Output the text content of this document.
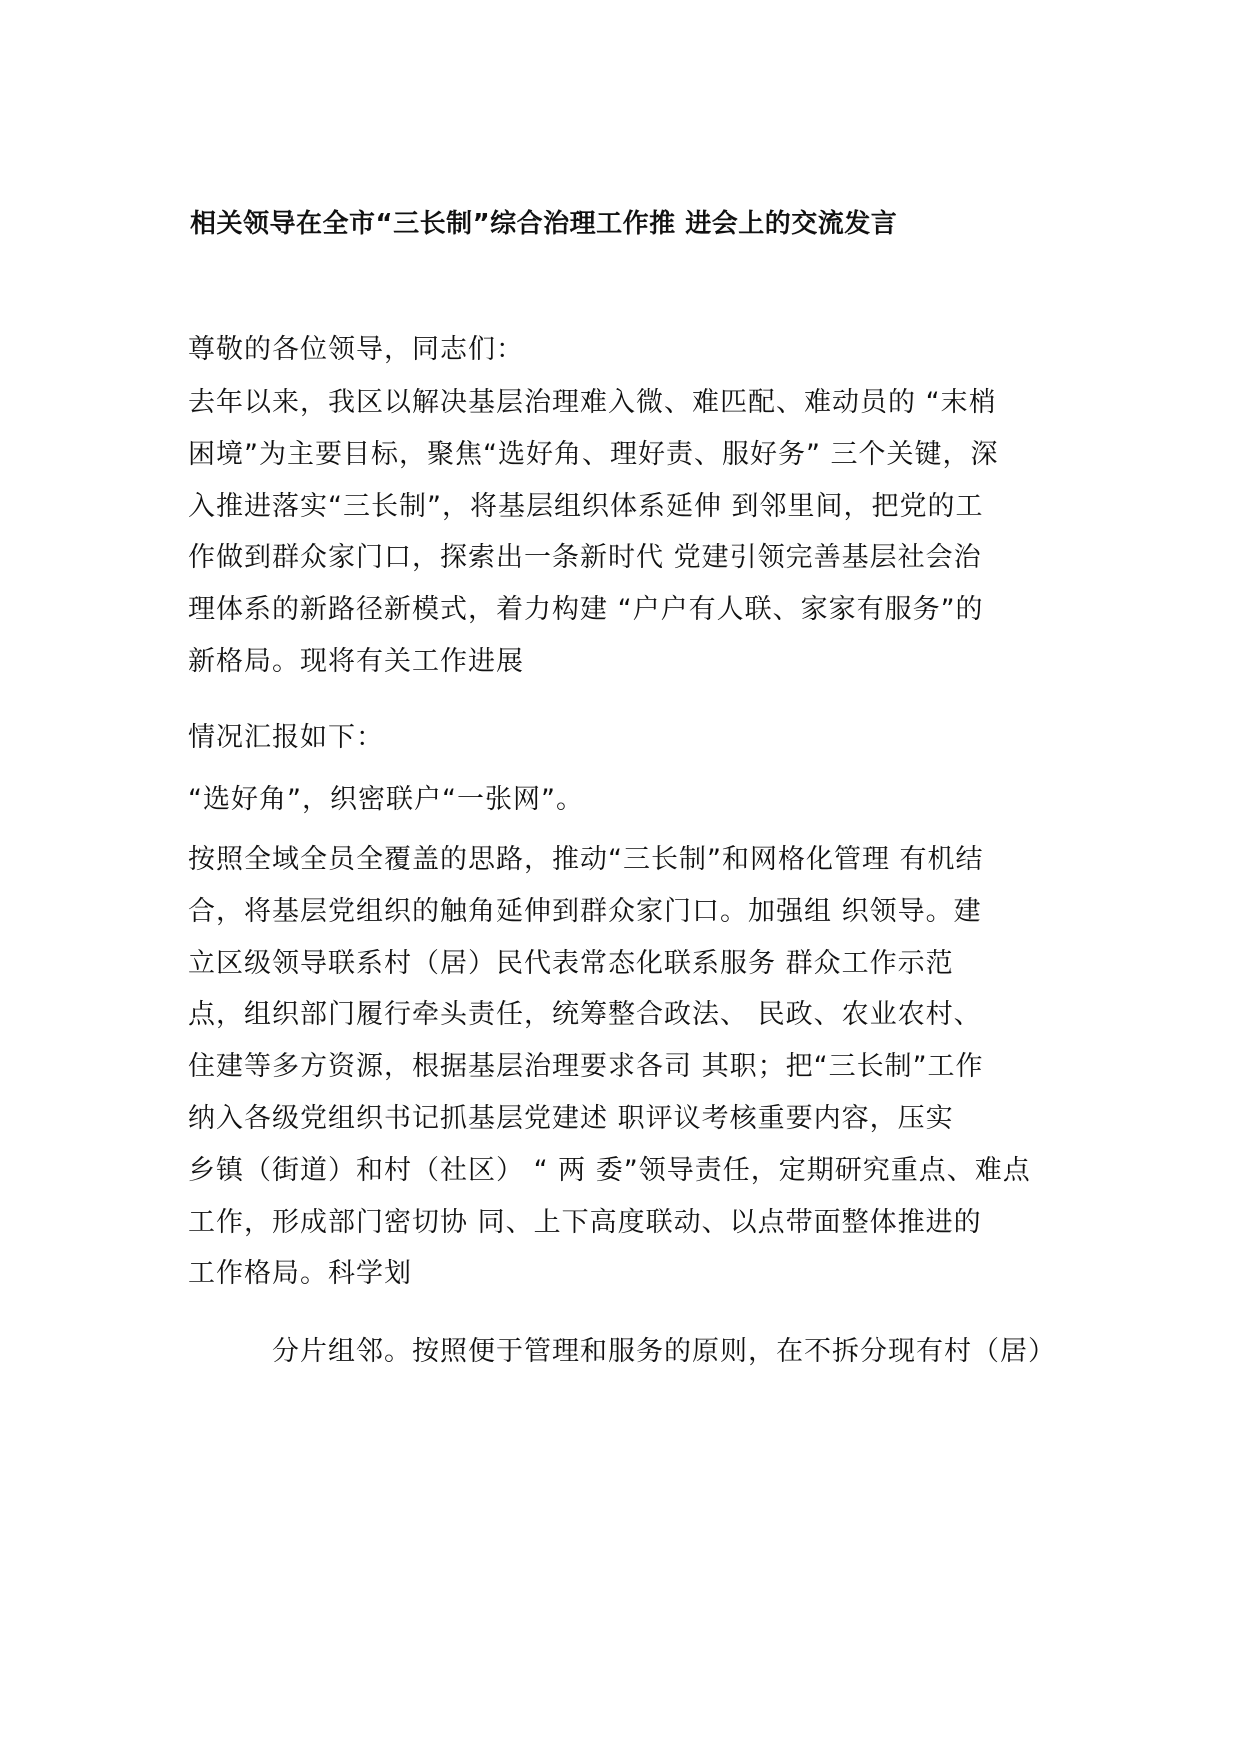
相关领导在全市“三长制”综合治理工作推 进会上的交流发言
尊敬的各位领导，同志们：
去年以来，我区以解决基层治理难入微、难匹配、难动员的 “末梢
困境”为主要目标，聚焦“选好角、理好责、服好务” 三个关键，深
入推进落实“三长制”，将基层组织体系延伸 到邻里间，把党的工
作做到群众家门口，探索出一条新时代 党建引领完善基层社会治
理体系的新路径新模式，着力构建 “户户有人联、家家有服务”的
新格局。现将有关工作进展
情况汇报如下：
“选好角”，织密联户“一张网”。
按照全域全员全覆盖的思路，推动“三长制”和网格化管理 有机结
合，将基层党组织的触角延伸到群众家门口。加强组 织领导。建
立区级领导联系村（居）民代表常态化联系服务 群众工作示范
点，组织部门履行牵头责任，统筹整合政法、 民政、农业农村、
住建等多方资源，根据基层治理要求各司 其职；把“三长制”工作
纳入各级党组织书记抓基层党建述 职评议考核重要内容，压实
乡镇（街道）和村（社区） “ 两 委”领导责任，定期研究重点、难点
工作，形成部门密切协 同、上下高度联动、以点带面整体推进的
工作格局。科学划
分片组邻。按照便于管理和服务的原则，在不拆分现有村（居）
